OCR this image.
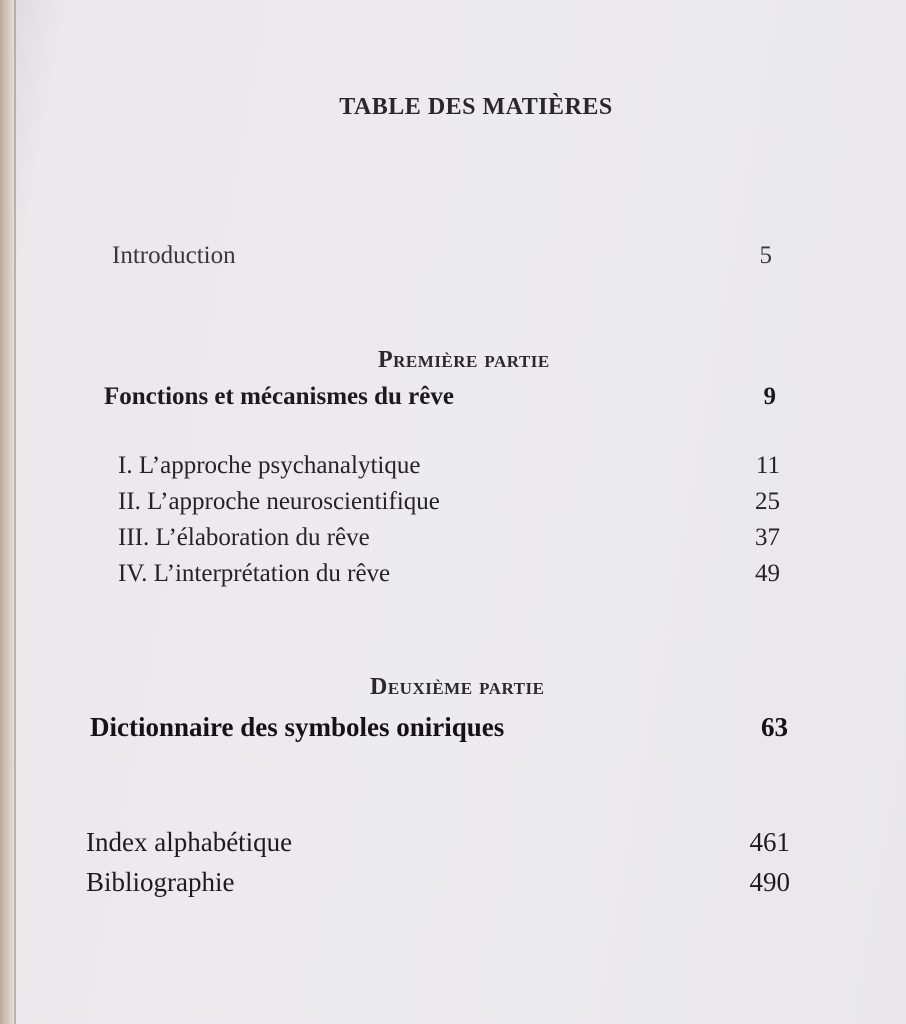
TABLE DES MATIÈRES
Introduction	5
Première partie
Fonctions et mécanismes du rêve	9
I. L’approche psychanalytique	11
II. L’approche neuroscientifique	25
III. L’élaboration du rêve	37
IV. L’interprétation du rêve	49
Deuxième partie
Dictionnaire des symboles oniriques	63
Index alphabétique	461
Bibliographie	490
